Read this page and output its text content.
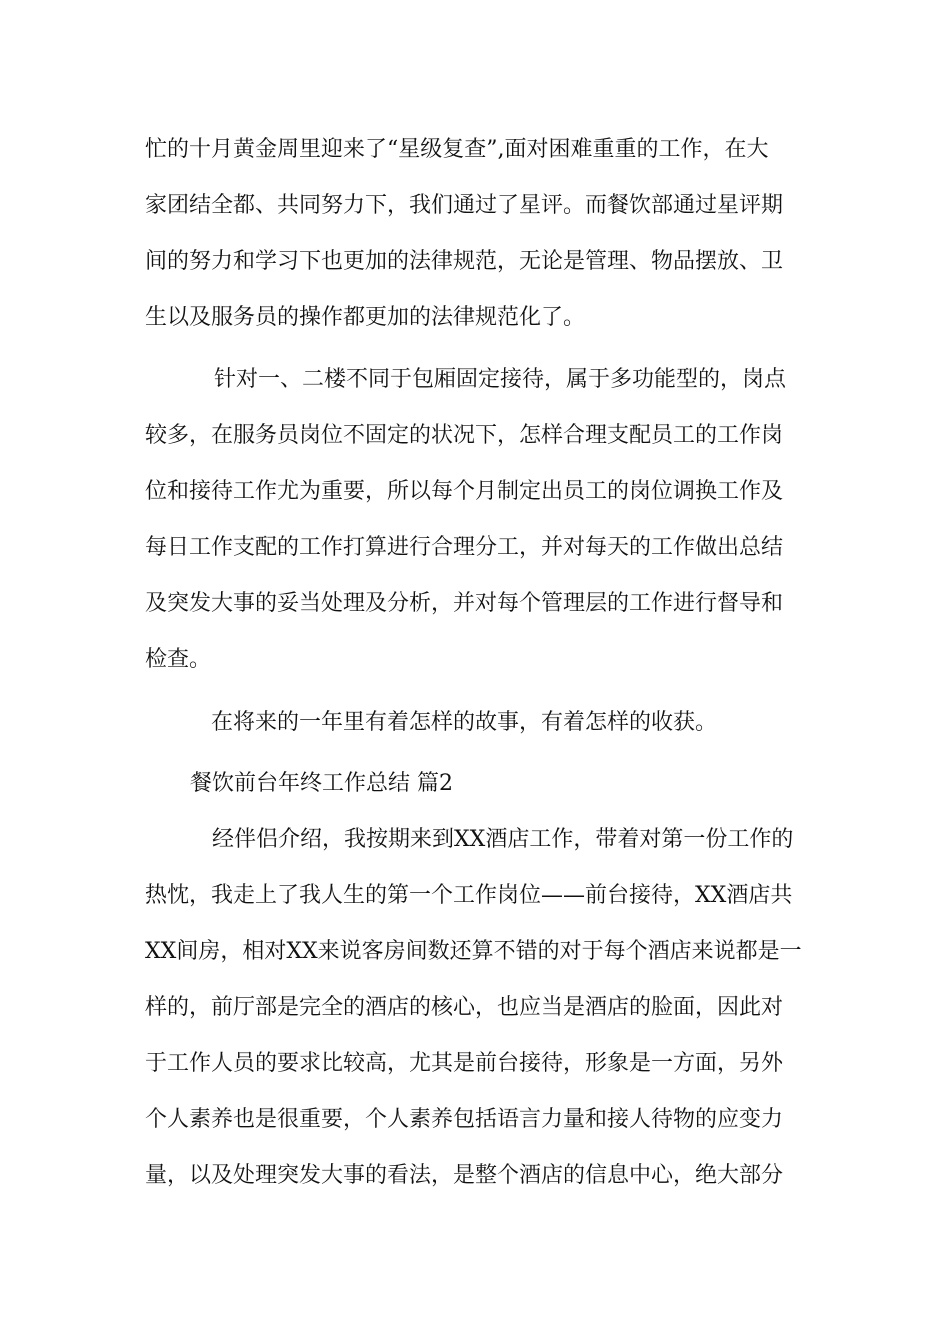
忙的十月黄金周里迎来了“星级复查”,面对困难重重的工作，在大
家团结全都、共同努力下，我们通过了星评。而餐饮部通过星评期
间的努力和学习下也更加的法律规范，无论是管理、物品摆放、卫
生以及服务员的操作都更加的法律规范化了。
针对一、二楼不同于包厢固定接待，属于多功能型的，岗点
较多，在服务员岗位不固定的状况下，怎样合理支配员工的工作岗
位和接待工作尤为重要，所以每个月制定出员工的岗位调换工作及
每日工作支配的工作打算进行合理分工，并对每天的工作做出总结
及突发大事的妥当处理及分析，并对每个管理层的工作进行督导和
检查。
在将来的一年里有着怎样的故事，有着怎样的收获。
餐饮前台年终工作总结 篇2
经伴侣介绍，我按期来到XX酒店工作，带着对第一份工作的
热忱，我走上了我人生的第一个工作岗位——前台接待，XX酒店共
XX间房，相对XX来说客房间数还算不错的对于每个酒店来说都是一
样的，前厅部是完全的酒店的核心，也应当是酒店的脸面，因此对
于工作人员的要求比较高，尤其是前台接待，形象是一方面，另外
个人素养也是很重要，个人素养包括语言力量和接人待物的应变力
量，以及处理突发大事的看法，是整个酒店的信息中心，绝大部分
